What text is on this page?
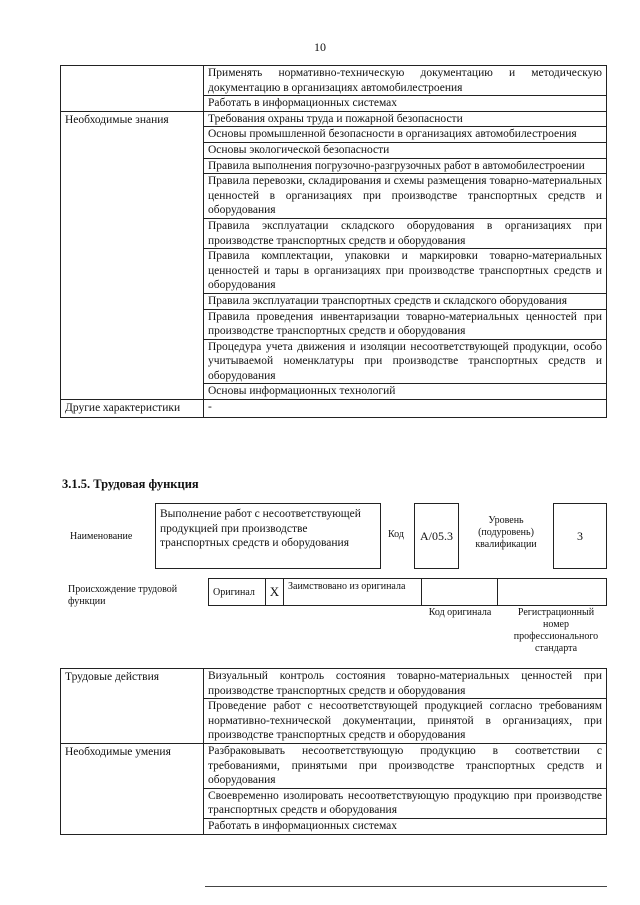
10
	Применять нормативно-техническую документацию и методическую документацию в организациях автомобилестроения
	Работать в информационных системах
Необходимые знания	Требования охраны труда и пожарной безопасности
	Основы промышленной безопасности в организациях автомобилестроения
	Основы экологической безопасности
	Правила выполнения погрузочно-разгрузочных работ в автомобилестроении
	Правила перевозки, складирования и схемы размещения товарно-материальных ценностей в организациях при производстве транспортных средств и оборудования
	Правила эксплуатации складского оборудования в организациях при производстве транспортных средств и оборудования
	Правила комплектации, упаковки и маркировки товарно-материальных ценностей и тары в организациях при производстве транспортных средств и оборудования
	Правила эксплуатации транспортных средств и складского оборудования
	Правила проведения инвентаризации товарно-материальных ценностей при производстве транспортных средств и оборудования
	Процедура учета движения и изоляции несоответствующей продукции, особо учитываемой номенклатуры при производстве транспортных средств и оборудования
	Основы информационных технологий
Другие характеристики	-
3.1.5. Трудовая функция
Наименование
Выполнение работ с несоответствующей продукцией при производстве транспортных средств и оборудования
Код	А/05.3
Уровень (подуровень) квалификации
3
Происхождение трудовой функции
Оригинал	X Заимствовано из оригинала
Код оригинала	Регистрационный номер профессионального стандарта
Трудовые действия	Визуальный контроль состояния товарно-материальных ценностей при производстве транспортных средств и оборудования
	Проведение работ с несоответствующей продукцией согласно требованиям нормативно-технической документации, принятой в организациях, при производстве транспортных средств и оборудования
Необходимые умения	Разбраковывать несоответствующую продукцию в соответствии с требованиями, принятыми при производстве транспортных средств и оборудования
	Своевременно изолировать несоответствующую продукцию при производстве транспортных средств и оборудования
	Работать в информационных системах
